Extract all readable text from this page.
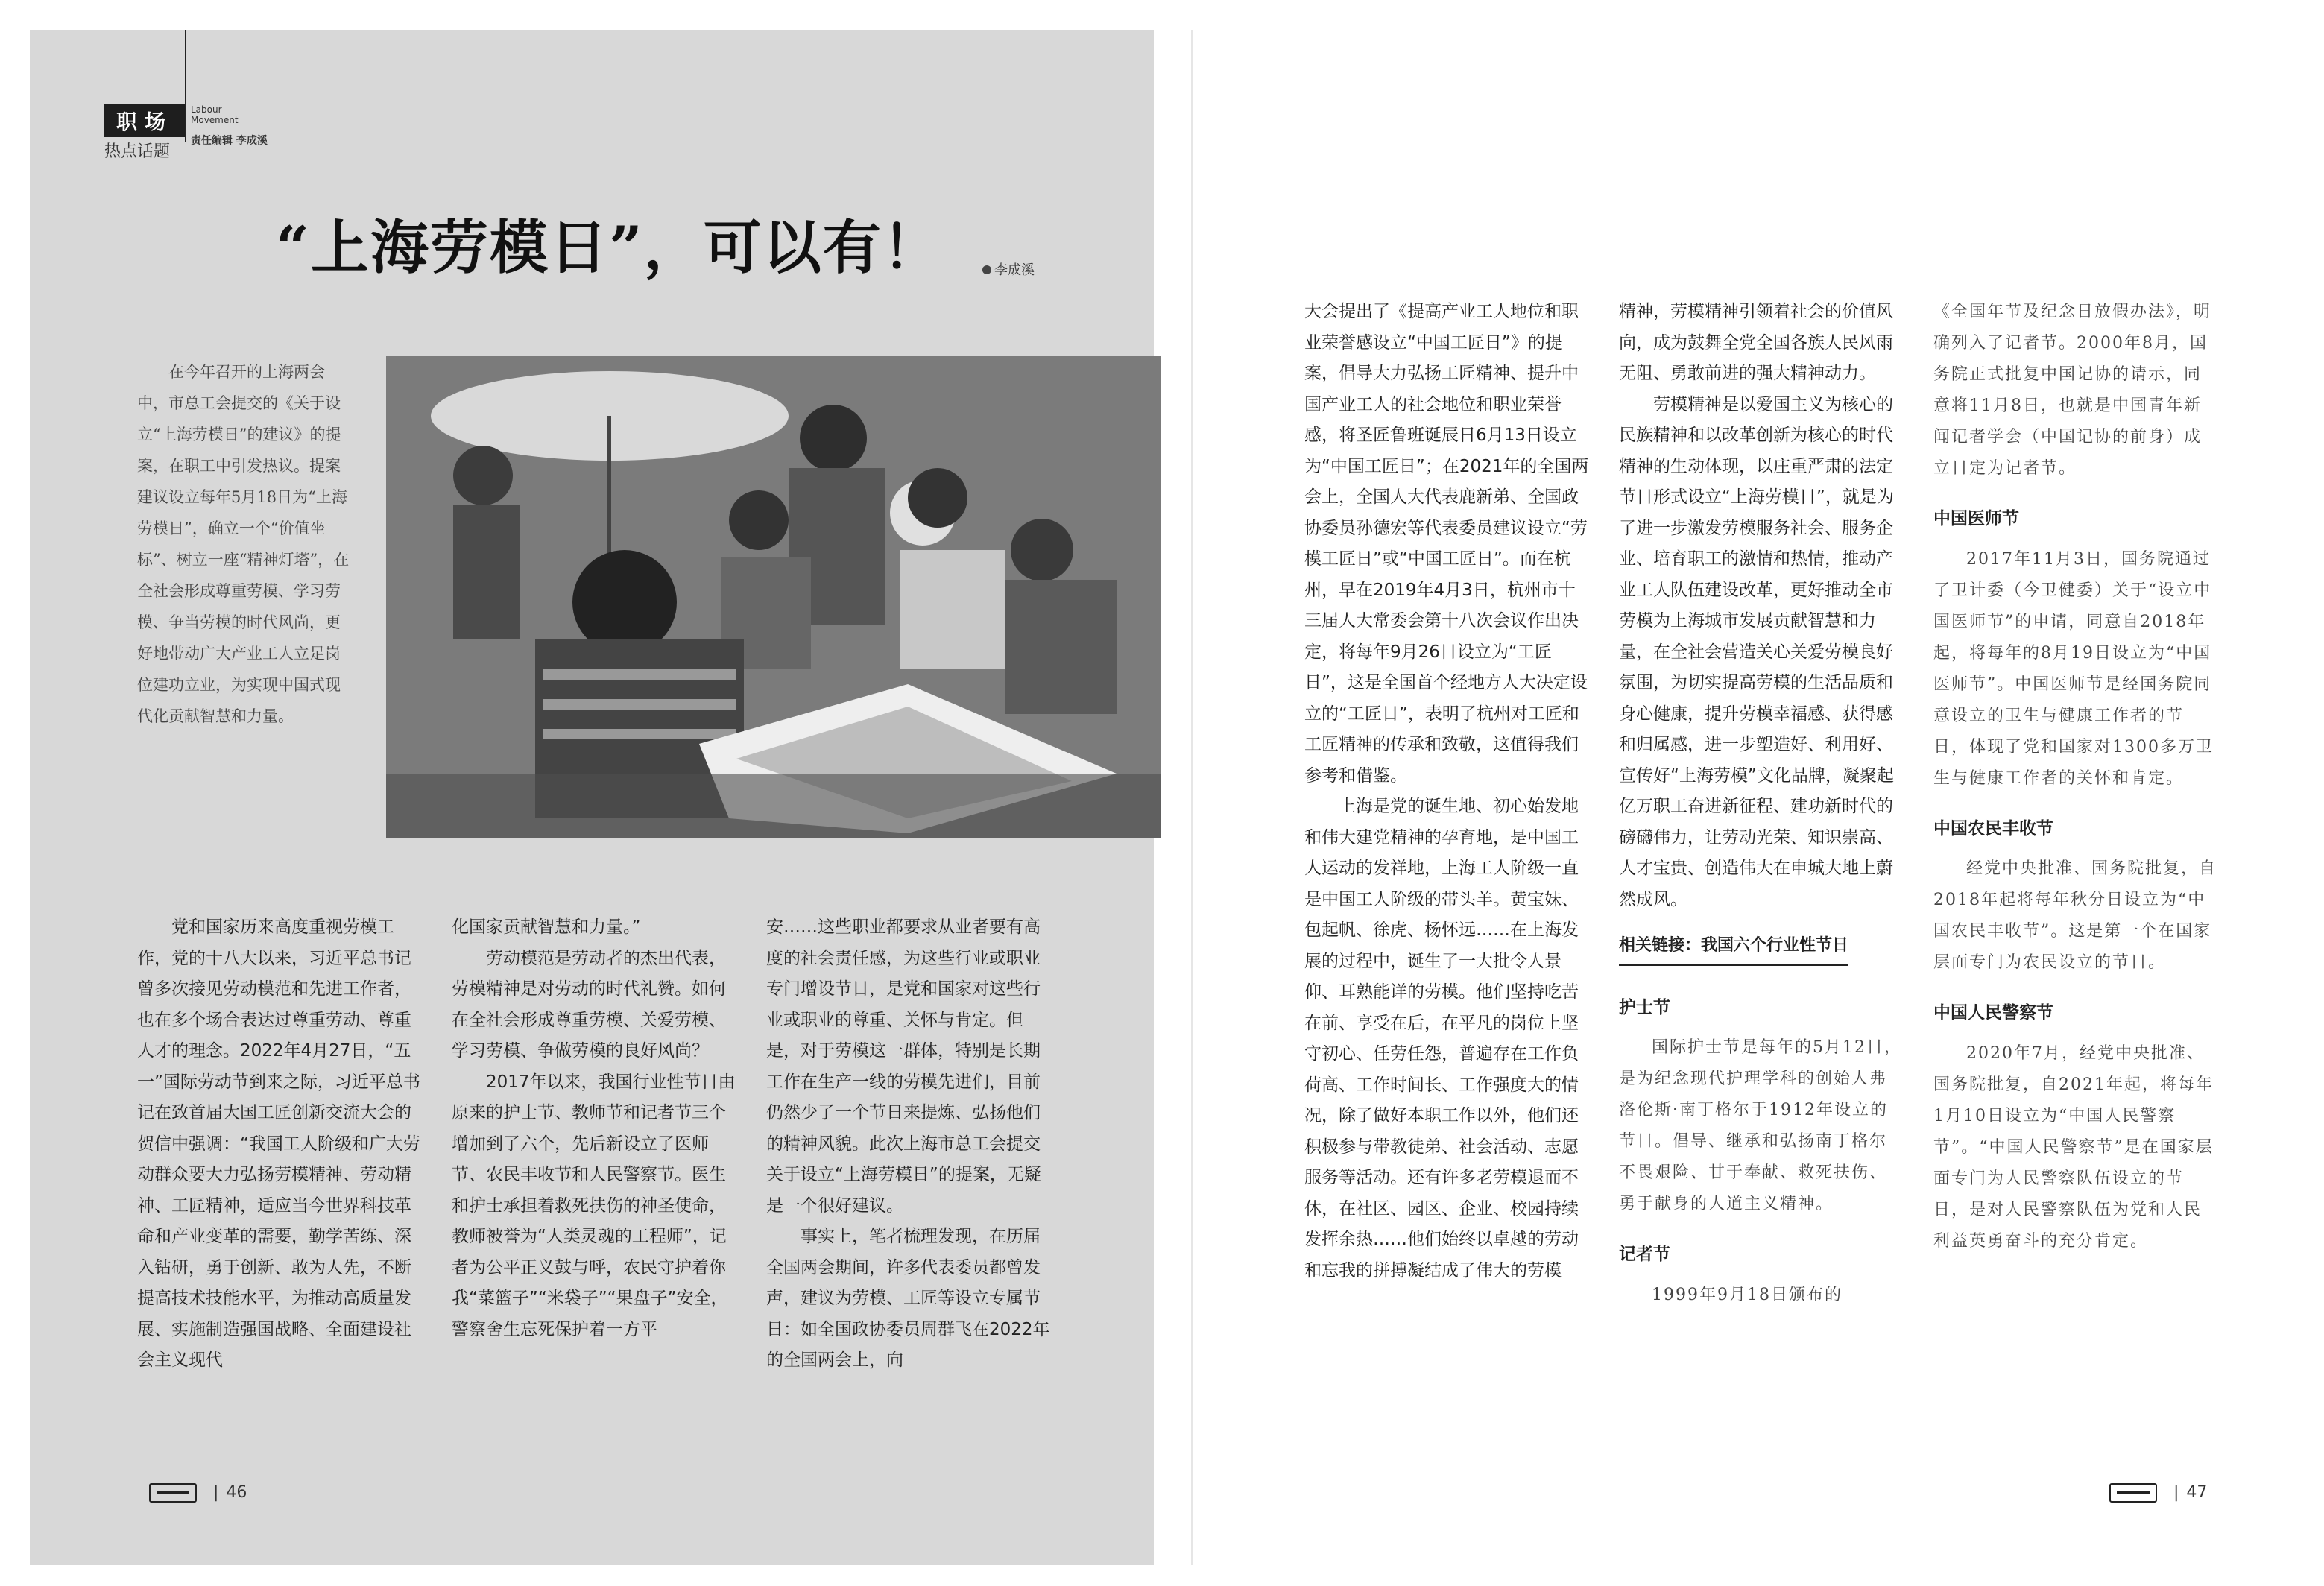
职场
热点话题
Labour
Movement
责任编辑 李成溪
“上海劳模日”，可以有！	李成溪
在今年召开的上海两会中，市总工会提交的《关于设立“上海劳模日”的建议》的提案，在职工中引发热议。提案建议设立每年5月18日为“上海劳模日”，确立一个“价值坐标”、树立一座“精神灯塔”，在全社会形成尊重劳模、学习劳模、争当劳模的时代风尚，更好地带动广大产业工人立足岗位建功立业，为实现中国式现代化贡献智慧和力量。

党和国家历来高度重视劳模工作，党的十八大以来，习近平总书记曾多次接见劳动模范和先进工作者，也在多个场合表达过尊重劳动、尊重人才的理念。2022年4月27日，“五一”国际劳动节到来之际，习近平总书记在致首届大国工匠创新交流大会的贺信中强调：“我国工人阶级和广大劳动群众要大力弘扬劳模精神、劳动精神、工匠精神，适应当今世界科技革命和产业变革的需要，勤学苦练、深入钻研，勇于创新、敢为人先，不断提高技术技能水平，为推动高质量发展、实施制造强国战略、全面建设社会主义现代

化国家贡献智慧和力量。”

劳动模范是劳动者的杰出代表，劳模精神是对劳动的时代礼赞。如何在全社会形成尊重劳模、关爱劳模、学习劳模、争做劳模的良好风尚？

2017年以来，我国行业性节日由原来的护士节、教师节和记者节三个增加到了六个，先后新设立了医师节、农民丰收节和人民警察节。医生和护士承担着救死扶伤的神圣使命，教师被誉为“人类灵魂的工程师”，记者为公平正义鼓与呼，农民守护着你我“菜篮子”“米袋子”“果盘子”安全，警察舍生忘死保护着一方平

安……这些职业都要求从业者要有高度的社会责任感，为这些行业或职业专门增设节日，是党和国家对这些行业或职业的尊重、关怀与肯定。但是，对于劳模这一群体，特别是长期工作在生产一线的劳模先进们，目前仍然少了一个节日来提炼、弘扬他们的精神风貌。此次上海市总工会提交关于设立“上海劳模日”的提案，无疑是一个很好建议。

事实上，笔者梳理发现，在历届全国两会期间，许多代表委员都曾发声，建议为劳模、工匠等设立专属节日：如全国政协委员周群飞在2022年的全国两会上，向

大会提出了《提高产业工人地位和职业荣誉感设立“中国工匠日”》的提案，倡导大力弘扬工匠精神、提升中国产业工人的社会地位和职业荣誉感，将圣匠鲁班诞辰日6月13日设立为“中国工匠日”；在2021年的全国两会上，全国人大代表鹿新弟、全国政协委员孙德宏等代表委员建议设立“劳模工匠日”或“中国工匠日”。而在杭州，早在2019年4月3日，杭州市十三届人大常委会第十八次会议作出决定，将每年9月26日设立为“工匠日”，这是全国首个经地方人大决定设立的“工匠日”，表明了杭州对工匠和工匠精神的传承和致敬，这值得我们参考和借鉴。

上海是党的诞生地、初心始发地和伟大建党精神的孕育地，是中国工人运动的发祥地，上海工人阶级一直是中国工人阶级的带头羊。黄宝妹、包起帆、徐虎、杨怀远……在上海发展的过程中，诞生了一大批令人景仰、耳熟能详的劳模。他们坚持吃苦在前、享受在后，在平凡的岗位上坚守初心、任劳任怨，普遍存在工作负荷高、工作时间长、工作强度大的情况，除了做好本职工作以外，他们还积极参与带教徒弟、社会活动、志愿服务等活动。还有许多老劳模退而不休，在社区、园区、企业、校园持续发挥余热……他们始终以卓越的劳动和忘我的拼搏凝结成了伟大的劳模

精神，劳模精神引领着社会的价值风向，成为鼓舞全党全国各族人民风雨无阻、勇敢前进的强大精神动力。

劳模精神是以爱国主义为核心的民族精神和以改革创新为核心的时代精神的生动体现，以庄重严肃的法定节日形式设立“上海劳模日”，就是为了进一步激发劳模服务社会、服务企业、培育职工的激情和热情，推动产业工人队伍建设改革，更好推动全市劳模为上海城市发展贡献智慧和力量，在全社会营造关心关爱劳模良好氛围，为切实提高劳模的生活品质和身心健康，提升劳模幸福感、获得感和归属感，进一步塑造好、利用好、宣传好“上海劳模”文化品牌，凝聚起亿万职工奋进新征程、建功新时代的磅礴伟力，让劳动光荣、知识崇高、人才宝贵、创造伟大在申城大地上蔚然成风。

相关链接：我国六个行业性节日
护士节

国际护士节是每年的5月12日，是为纪念现代护理学科的创始人弗洛伦斯·南丁格尔于1912年设立的节日。倡导、继承和弘扬南丁格尔不畏艰险、甘于奉献、救死扶伤、勇于献身的人道主义精神。

记者节

1999年9月18日颁布的

《全国年节及纪念日放假办法》，明确列入了记者节。2000年8月，国务院正式批复中国记协的请示，同意将11月8日，也就是中国青年新闻记者学会（中国记协的前身）成立日定为记者节。

中国医师节

2017年11月3日，国务院通过了卫计委（今卫健委）关于“设立中国医师节”的申请，同意自2018年起，将每年的8月19日设立为“中国医师节”。中国医师节是经国务院同意设立的卫生与健康工作者的节日，体现了党和国家对1300多万卫生与健康工作者的关怀和肯定。

中国农民丰收节

经党中央批准、国务院批复，自2018年起将每年秋分日设立为“中国农民丰收节”。这是第一个在国家层面专门为农民设立的节日。

中国人民警察节

2020年7月，经党中央批准、国务院批复，自2021年起，将每年1月10日设立为“中国人民警察节”。“中国人民警察节”是在国家层面专门为人民警察队伍设立的节日，是对人民警察队伍为党和人民利益英勇奋斗的充分肯定。

| 46	| 47
